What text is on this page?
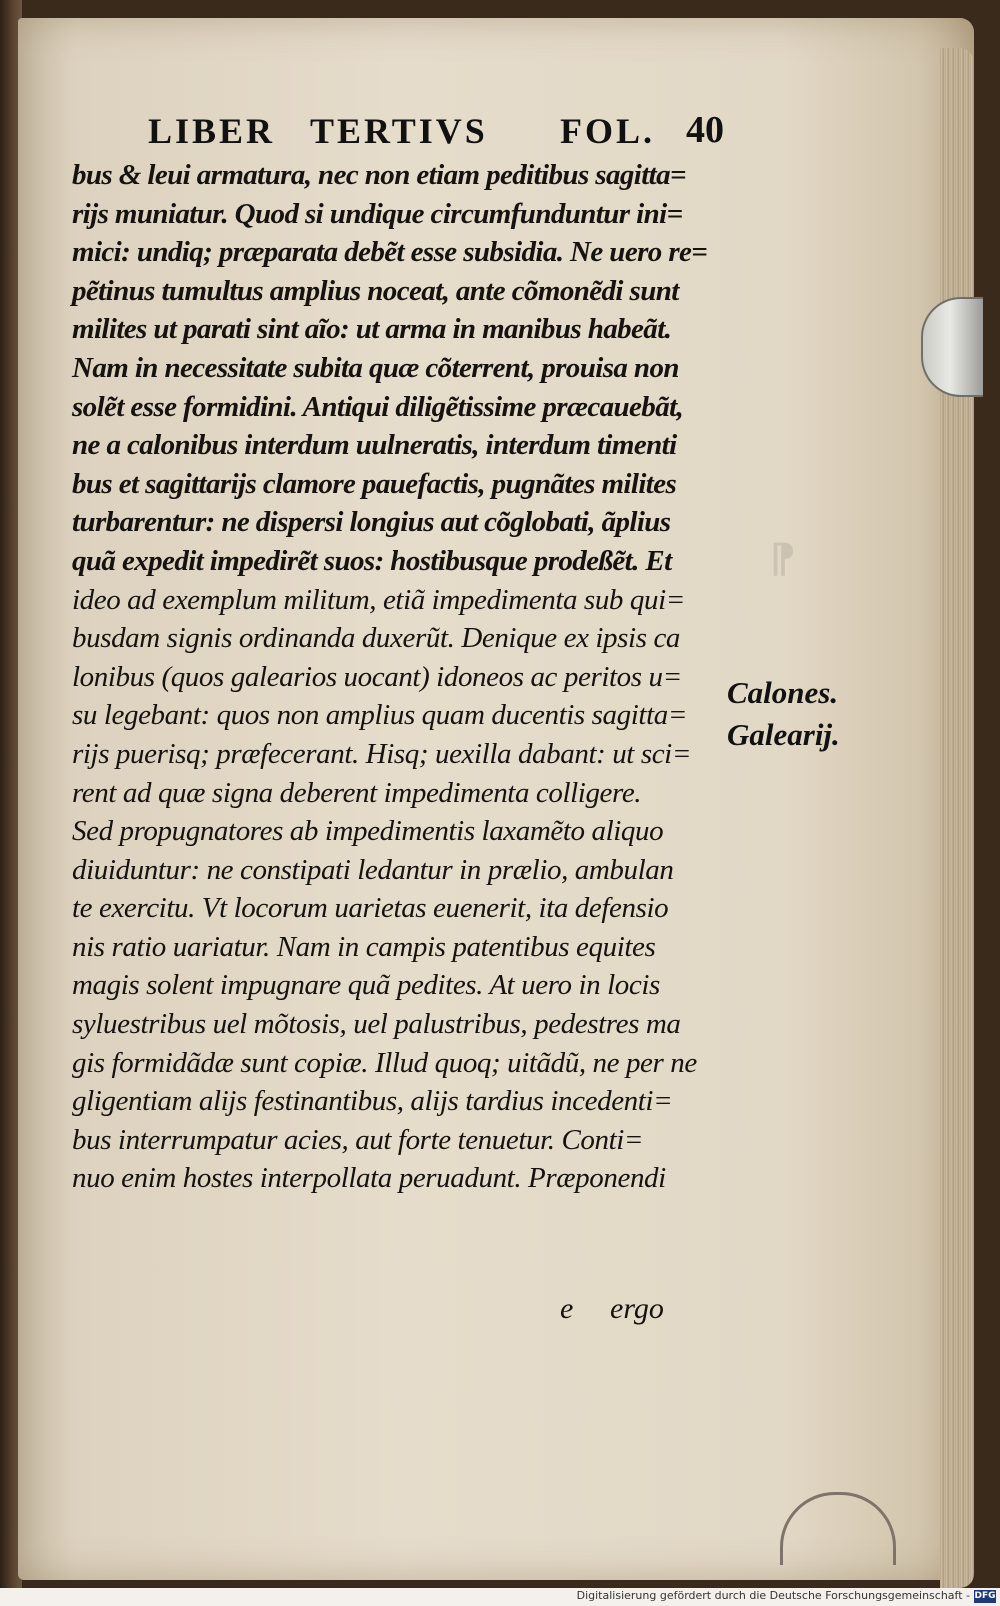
⁋
LIBER TERTIVS FOL. 40
bus & leui armatura, nec non etiam peditibus sagitta=
rijs muniatur. Quod si undique circumfunduntur ini=
mici: undiq; præparata debẽt esse subsidia. Ne uero re=
pẽtinus tumultus amplius noceat, ante cõmonẽdi sunt
milites ut parati sint aĩo: ut arma in manibus habeãt.
Nam in necessitate subita quæ cõterrent, prouisa non
solẽt esse formidini. Antiqui diligẽtissime præcauebãt,
ne a calonibus interdum uulneratis, interdum timenti
bus et sagittarijs clamore pauefactis, pugnãtes milites
turbarentur: ne dispersi longius aut cõglobati, ãplius
quã expedit impedirẽt suos: hostibusque prodeßẽt. Et
ideo ad exemplum militum, etiã impedimenta sub qui=
busdam signis ordinanda duxerũt. Denique ex ipsis ca
lonibus (quos galearios uocant) idoneos ac peritos u=
su legebant: quos non amplius quam ducentis sagitta=
rijs puerisq; præfecerant. Hisq; uexilla dabant: ut sci=
rent ad quæ signa deberent impedimenta colligere.
Sed propugnatores ab impedimentis laxamẽto aliquo
diuiduntur: ne constipati ledantur in prælio, ambulan
te exercitu. Vt locorum uarietas euenerit, ita defensio
nis ratio uariatur. Nam in campis patentibus equites
magis solent impugnare quã pedites. At uero in locis
syluestribus uel mõtosis, uel palustribus, pedestres ma
gis formidãdæ sunt copiæ. Illud quoq; uitãdũ, ne per ne
gligentiam alijs festinantibus, alijs tardius incedenti=
bus interrumpatur acies, aut forte tenuetur. Conti=
nuo enim hostes interpollata peruadunt. Præponendi
Calones.
Galearij.
e ergo
Digitalisierung gefördert durch die Deutsche Forschungsgemeinschaft - DFG
